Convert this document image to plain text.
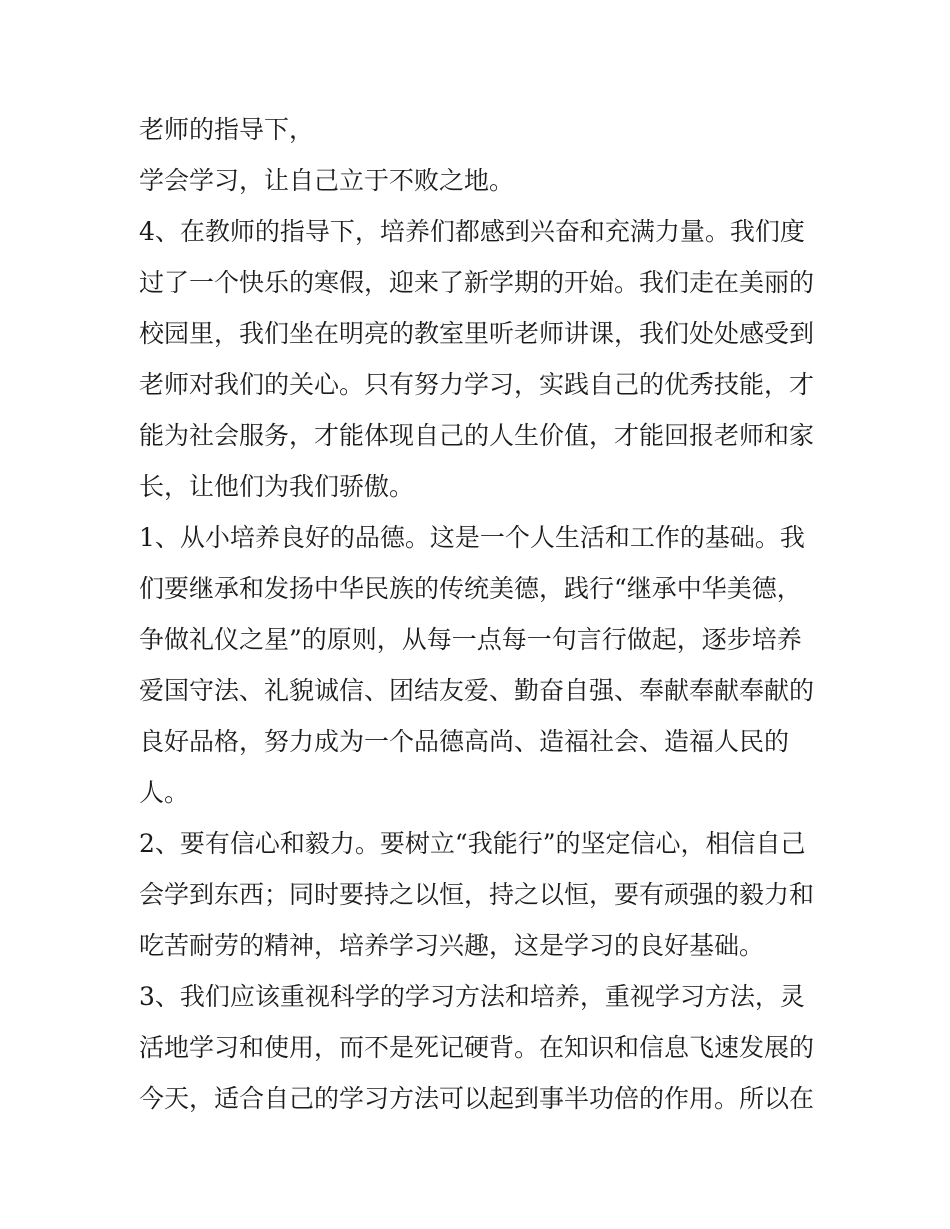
老师的指导下，
学会学习，让自己立于不败之地。
4、在教师的指导下，培养们都感到兴奋和充满力量。我们度
过了一个快乐的寒假，迎来了新学期的开始。我们走在美丽的
校园里，我们坐在明亮的教室里听老师讲课，我们处处感受到
老师对我们的关心。只有努力学习，实践自己的优秀技能，才
能为社会服务，才能体现自己的人生价值，才能回报老师和家
长，让他们为我们骄傲。
1、从小培养良好的品德。这是一个人生活和工作的基础。我
们要继承和发扬中华民族的传统美德，践行“继承中华美德，
争做礼仪之星”的原则，从每一点每一句言行做起，逐步培养
爱国守法、礼貌诚信、团结友爱、勤奋自强、奉献奉献奉献的
良好品格，努力成为一个品德高尚、造福社会、造福人民的
人。
2、要有信心和毅力。要树立“我能行”的坚定信心，相信自己
会学到东西；同时要持之以恒，持之以恒，要有顽强的毅力和
吃苦耐劳的精神，培养学习兴趣，这是学习的良好基础。
3、我们应该重视科学的学习方法和培养，重视学习方法，灵
活地学习和使用，而不是死记硬背。在知识和信息飞速发展的
今天，适合自己的学习方法可以起到事半功倍的作用。所以在
